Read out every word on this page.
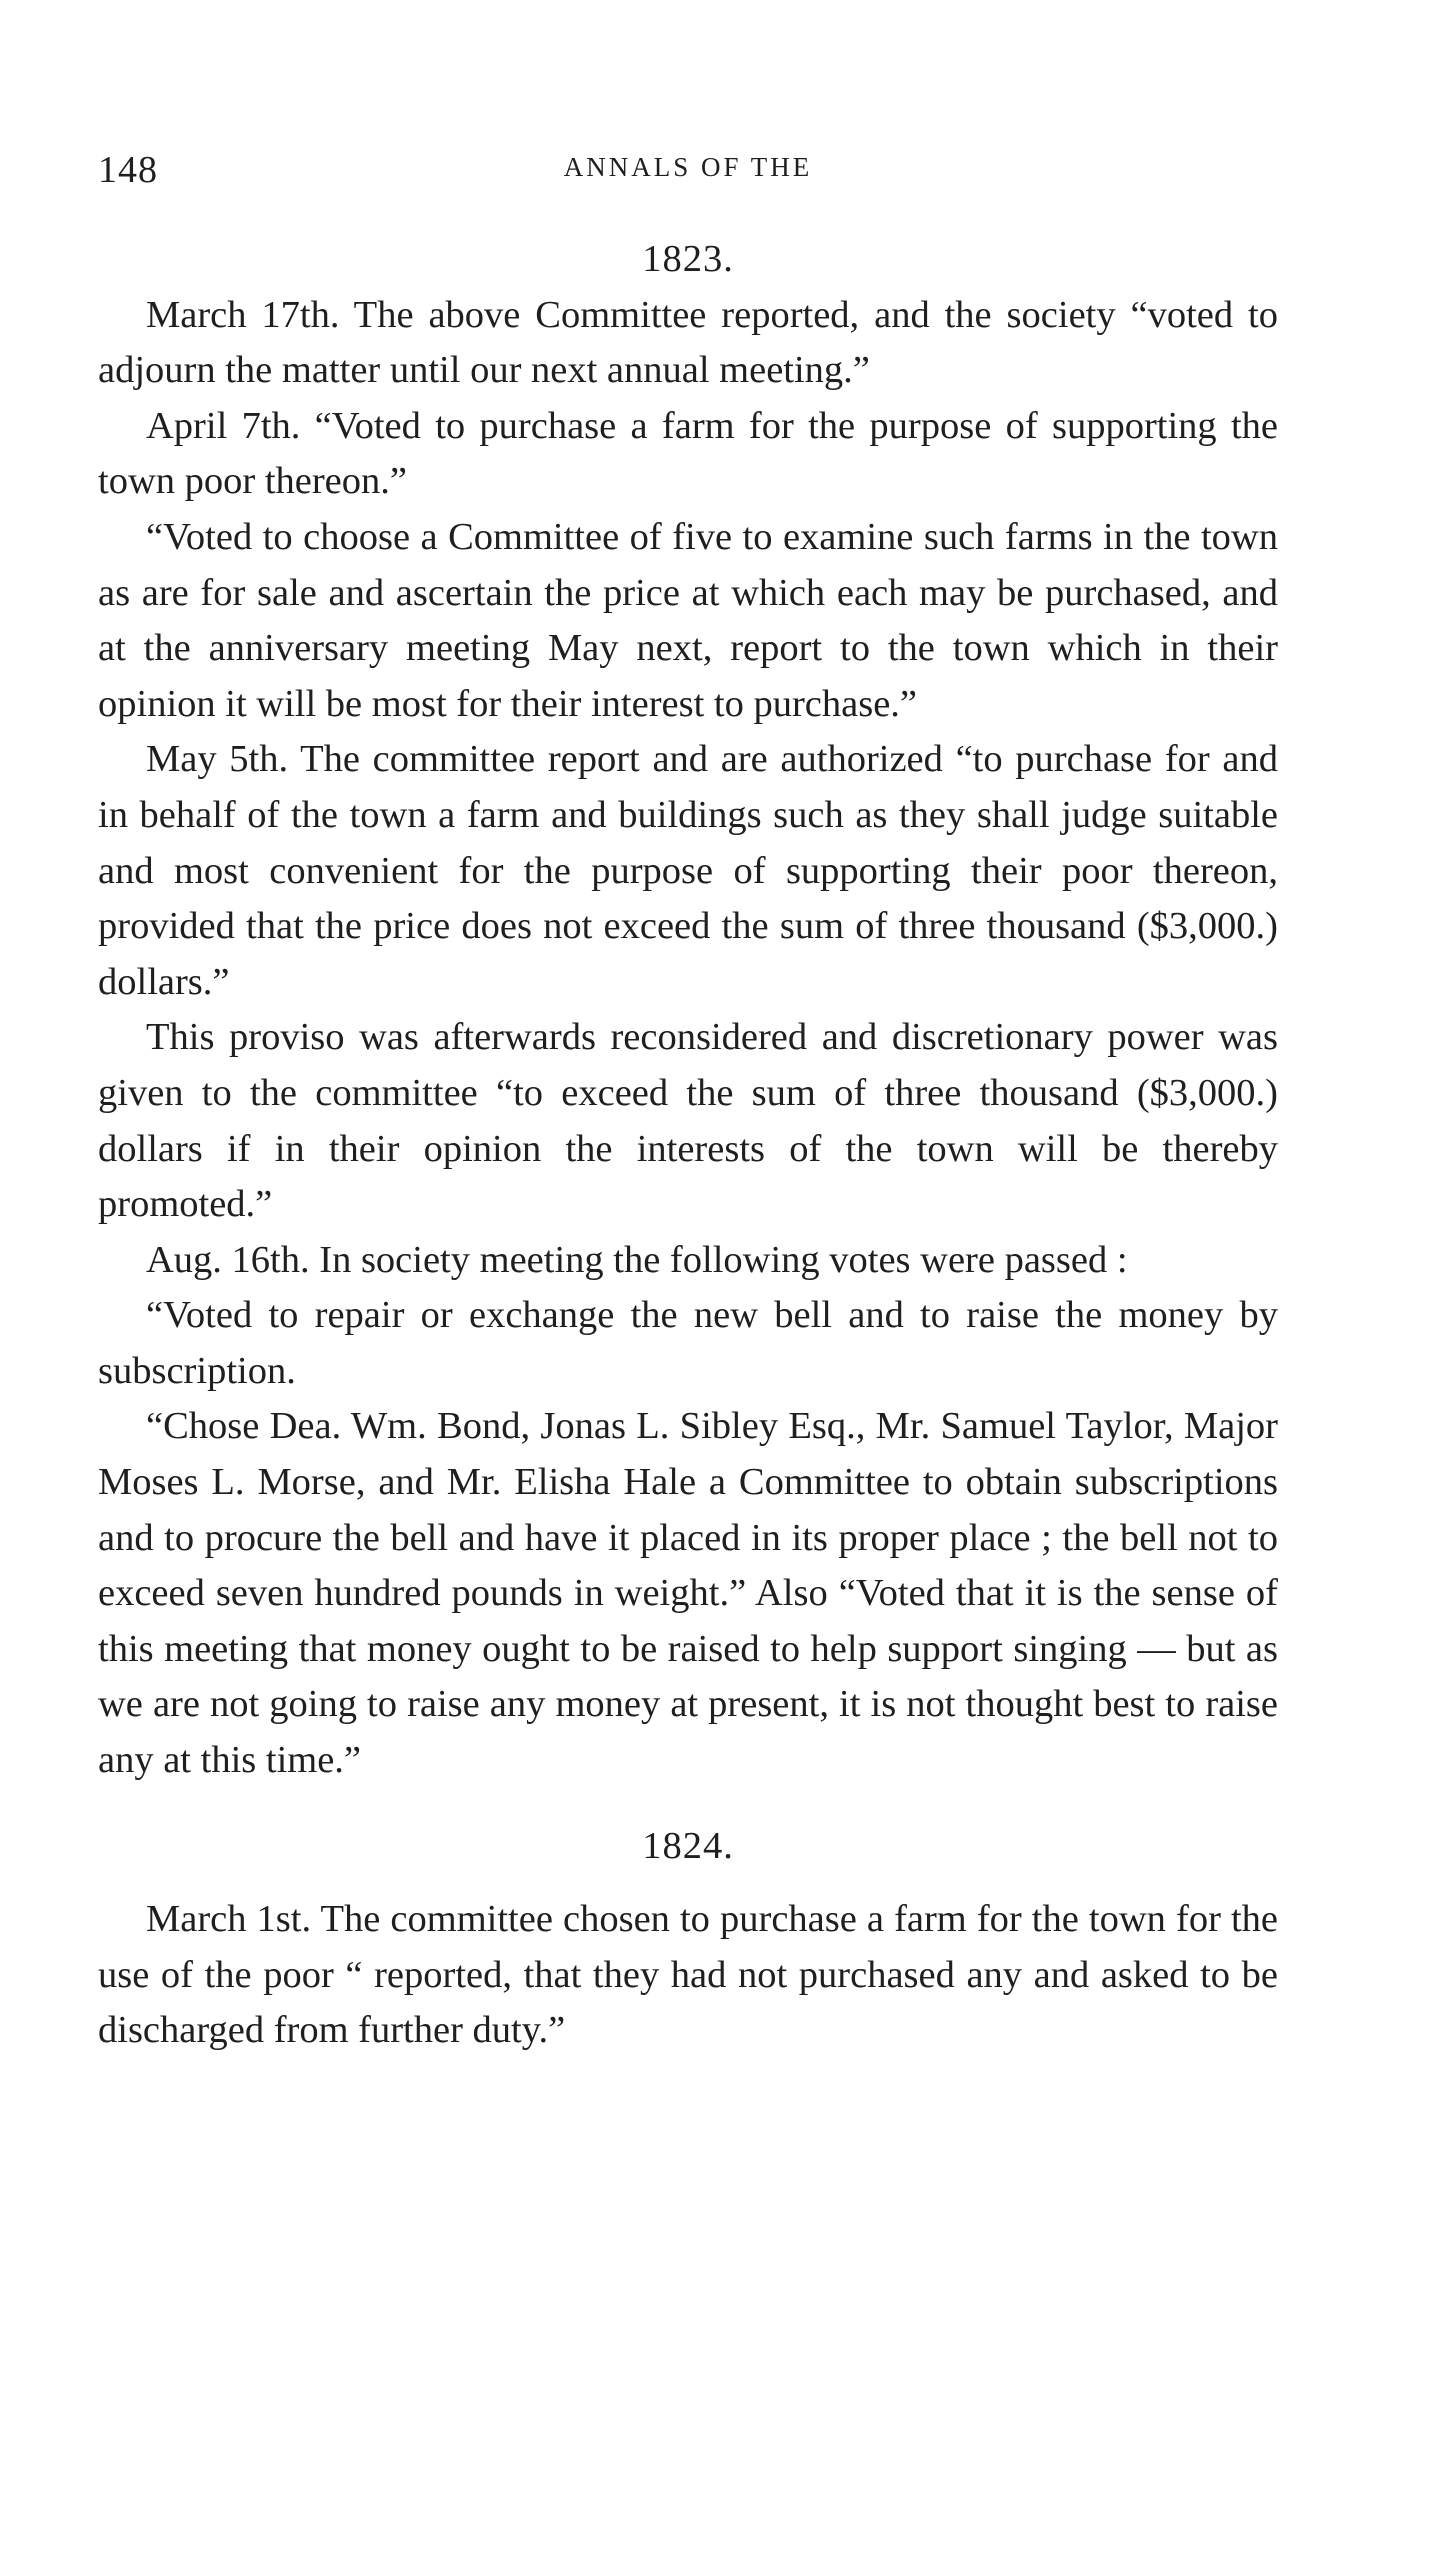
148	ANNALS OF THE

1823.

March 17th. The above Committee reported, and the society “voted to adjourn the matter until our next annual meeting.”

April 7th. “Voted to purchase a farm for the purpose of supporting the town poor thereon.”

“Voted to choose a Committee of five to examine such farms in the town as are for sale and ascertain the price at which each may be purchased, and at the anniversary meeting May next, report to the town which in their opinion it will be most for their interest to purchase.”

May 5th. The committee report and are authorized “to purchase for and in behalf of the town a farm and buildings such as they shall judge suitable and most convenient for the purpose of supporting their poor thereon, provided that the price does not exceed the sum of three thousand ($3,000.) dollars.”

This proviso was afterwards reconsidered and discretionary power was given to the committee “to exceed the sum of three thousand ($3,000.) dollars if in their opinion the interests of the town will be thereby promoted.”

Aug. 16th. In society meeting the following votes were passed :

“Voted to repair or exchange the new bell and to raise the money by subscription.

“Chose Dea. Wm. Bond, Jonas L. Sibley Esq., Mr. Samuel Taylor, Major Moses L. Morse, and Mr. Elisha Hale a Committee to obtain subscriptions and to procure the bell and have it placed in its proper place ; the bell not to exceed seven hundred pounds in weight.” Also “Voted that it is the sense of this meeting that money ought to be raised to help support singing — but as we are not going to raise any money at present, it is not thought best to raise any at this time.”

1824.

March 1st. The committee chosen to purchase a farm for the town for the use of the poor “ reported, that they had not purchased any and asked to be discharged from further duty.”
